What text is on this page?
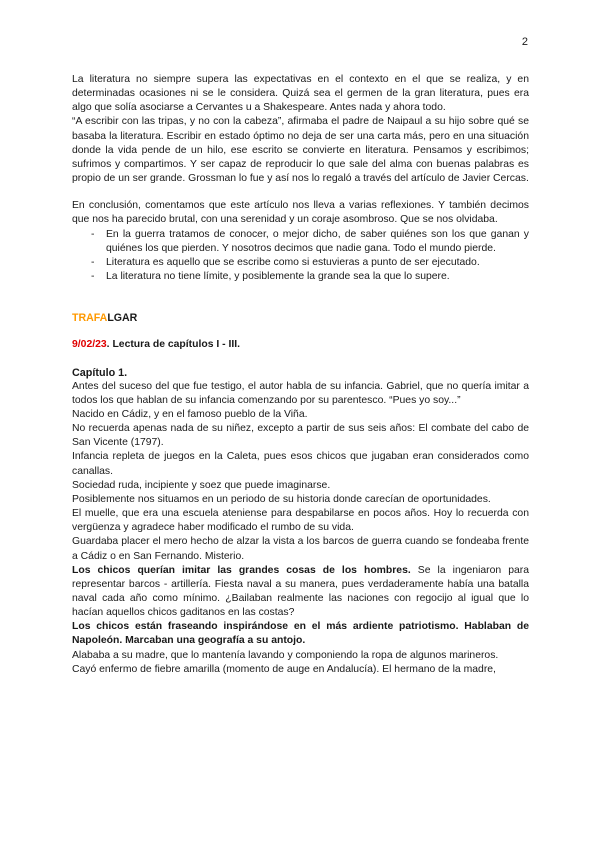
2

La literatura no siempre supera las expectativas en el contexto en el que se realiza, y en determinadas ocasiones ni se le considera. Quizá sea el germen de la gran literatura, pues era algo que solía asociarse a Cervantes u a Shakespeare. Antes nada y ahora todo.

“A escribir con las tripas, y no con la cabeza”, afirmaba el padre de Naipaul a su hijo sobre qué se basaba la literatura. Escribir en estado óptimo no deja de ser una carta más, pero en una situación donde la vida pende de un hilo, ese escrito se convierte en literatura. Pensamos y escribimos; sufrimos y compartimos. Y ser capaz de reproducir lo que sale del alma con buenas palabras es propio de un ser grande. Grossman lo fue y así nos lo regaló a través del artículo de Javier Cercas.

En conclusión, comentamos que este artículo nos lleva a varias reflexiones. Y también decimos que nos ha parecido brutal, con una serenidad y un coraje asombroso. Que se nos olvidaba.

- En la guerra tratamos de conocer, o mejor dicho, de saber quiénes son los que ganan y quiénes los que pierden. Y nosotros decimos que nadie gana. Todo el mundo pierde.
- Literatura es aquello que se escribe como si estuvieras a punto de ser ejecutado.
- La literatura no tiene límite, y posiblemente la grande sea la que lo supere.

TRAFALGAR

9/02/23. Lectura de capítulos I - III.

Capítulo 1.

Antes del suceso del que fue testigo, el autor habla de su infancia. Gabriel, que no quería imitar a todos los que hablan de su infancia comenzando por su parentesco. “Pues yo soy...”

Nacido en Cádiz, y en el famoso pueblo de la Viña.

No recuerda apenas nada de su niñez, excepto a partir de sus seis años: El combate del cabo de San Vicente (1797).

Infancia repleta de juegos en la Caleta, pues esos chicos que jugaban eran considerados como canallas.

Sociedad ruda, incipiente y soez que puede imaginarse.

Posiblemente nos situamos en un periodo de su historia donde carecían de oportunidades.

El muelle, que era una escuela ateniense para despabilarse en pocos años. Hoy lo recuerda con vergüenza y agradece haber modificado el rumbo de su vida.

Guardaba placer el mero hecho de alzar la vista a los barcos de guerra cuando se fondeaba frente a Cádiz o en San Fernando. Misterio.

Los chicos querían imitar las grandes cosas de los hombres. Se la ingeniaron para representar barcos - artillería. Fiesta naval a su manera, pues verdaderamente había una batalla naval cada año como mínimo. ¿Bailaban realmente las naciones con regocijo al igual que lo hacían aquellos chicos gaditanos en las costas?

Los chicos están fraseando inspirándose en el más ardiente patriotismo. Hablaban de Napoleón. Marcaban una geografía a su antojo.

Alababa a su madre, que lo mantenía lavando y componiendo la ropa de algunos marineros.

Cayó enfermo de fiebre amarilla (momento de auge en Andalucía). El hermano de la madre,
